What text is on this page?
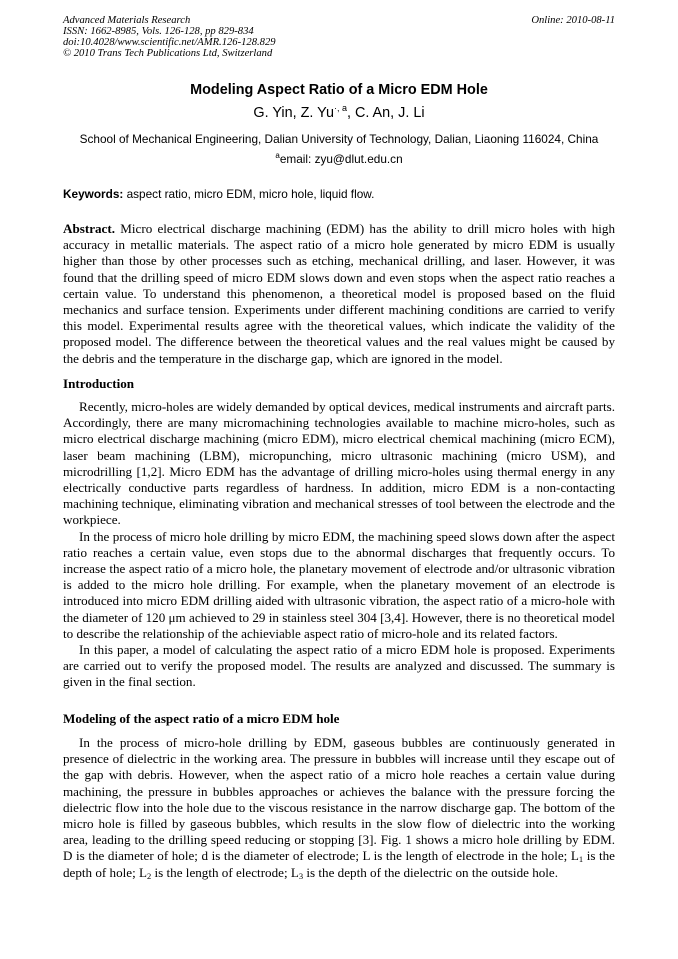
Advanced Materials Research	Online: 2010-08-11
ISSN: 1662-8985, Vols. 126-128, pp 829-834
doi:10.4028/www.scientific.net/AMR.126-128.829
© 2010 Trans Tech Publications Ltd, Switzerland
Modeling Aspect Ratio of a Micro EDM Hole
G. Yin, Z. $Yu^{\cdot, a}$, C. An, J. Li
School of Mechanical Engineering, Dalian University of Technology, Dalian, Liaoning 116024, China
$^a$email: zyu@dlut.edu.cn
Keywords: aspect ratio, micro EDM, micro hole, liquid flow.

Abstract. Micro electrical discharge machining (EDM) has the ability to drill micro holes with high accuracy in metallic materials. The aspect ratio of a micro hole generated by micro EDM is usually higher than those by other processes such as etching, mechanical drilling, and laser. However, it was found that the drilling speed of micro EDM slows down and even stops when the aspect ratio reaches a certain value. To understand this phenomenon, a theoretical model is proposed based on the fluid mechanics and surface tension. Experiments under different machining conditions are carried to verify this model. Experimental results agree with the theoretical values, which indicate the validity of the proposed model. The difference between the theoretical values and the real values might be caused by the debris and the temperature in the discharge gap, which are ignored in the model.

Introduction

Recently, micro-holes are widely demanded by optical devices, medical instruments and aircraft parts. Accordingly, there are many micromachining technologies available to machine micro-holes, such as micro electrical discharge machining (micro EDM), micro electrical chemical machining (micro ECM), laser beam machining (LBM), micropunching, micro ultrasonic machining (micro USM), and microdrilling [1,2]. Micro EDM has the advantage of drilling micro-holes using thermal energy in any electrically conductive parts regardless of hardness. In addition, micro EDM is a non-contacting machining technique, eliminating vibration and mechanical stresses of tool between the electrode and the workpiece.

In the process of micro hole drilling by micro EDM, the machining speed slows down after the aspect ratio reaches a certain value, even stops due to the abnormal discharges that frequently occurs. To increase the aspect ratio of a micro hole, the planetary movement of electrode and/or ultrasonic vibration is added to the micro hole drilling. For example, when the planetary movement of an electrode is introduced into micro EDM drilling aided with ultrasonic vibration, the aspect ratio of a micro-hole with the diameter of 120 μm achieved to 29 in stainless steel 304 [3,4]. However, there is no theoretical model to describe the relationship of the achieviable aspect ratio of micro-hole and its related factors.

In this paper, a model of calculating the aspect ratio of a micro EDM hole is proposed. Experiments are carried out to verify the proposed model. The results are analyzed and discussed. The summary is given in the final section.

Modeling of the aspect ratio of a micro EDM hole

In the process of micro-hole drilling by EDM, gaseous bubbles are continuously generated in presence of dielectric in the working area. The pressure in bubbles will increase until they escape out of the gap with debris. However, when the aspect ratio of a micro hole reaches a certain value during machining, the pressure in bubbles approaches or achieves the balance with the pressure forcing the dielectric flow into the hole due to the viscous resistance in the narrow discharge gap. The bottom of the micro hole is filled by gaseous bubbles, which results in the slow flow of dielectric into the working area, leading to the drilling speed reducing or stopping [3]. Fig. 1 shows a micro hole drilling by EDM. D is the diameter of hole; d is the diameter of electrode; L is the length of electrode in the hole; $L_1$ is the depth of hole; $L_2$ is the length of electrode; $L_3$ is the depth of the dielectric on the outside hole.
